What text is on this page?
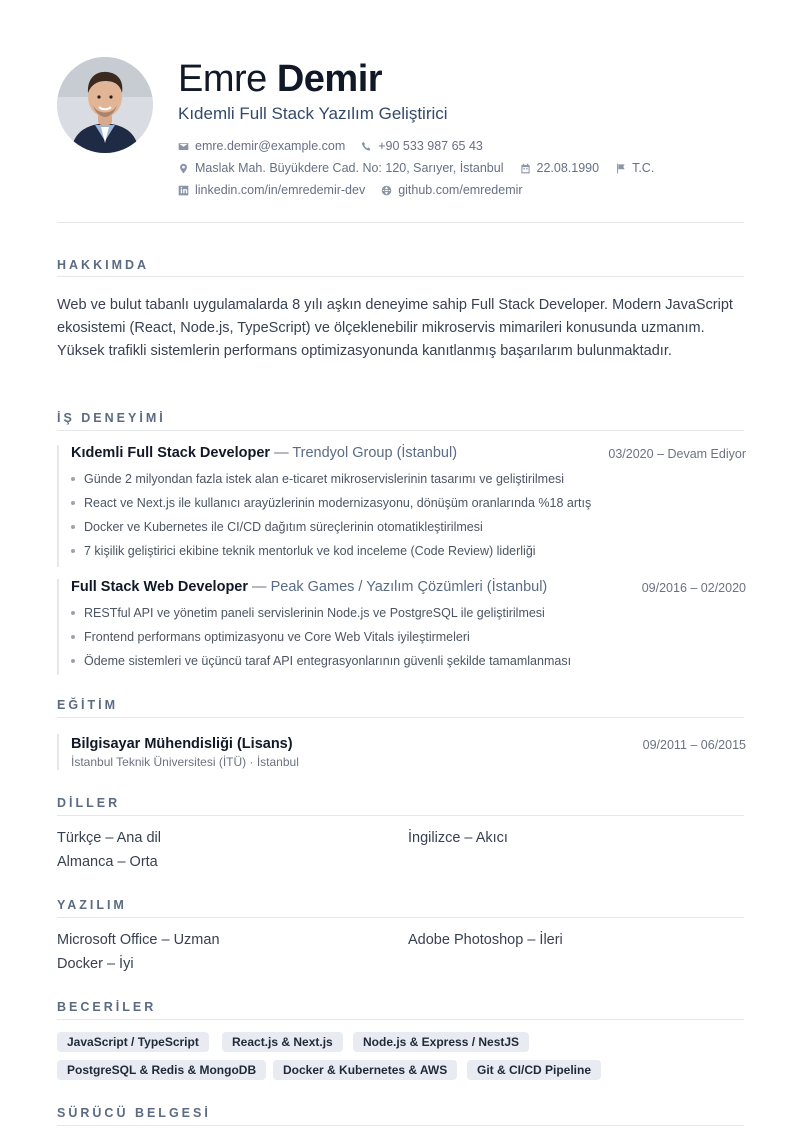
Emre Demir
Kıdemli Full Stack Yazılım Geliştirici
emre.demir@example.com	+90 533 987 65 43
Maslak Mah. Büyükdere Cad. No: 120, Sarıyer, İstanbul	22.08.1990	T.C.
linkedin.com/in/emredemir-dev	github.com/emredemir
HAKKIMDA
Web ve bulut tabanlı uygulamalarda 8 yılı aşkın deneyime sahip Full Stack Developer. Modern JavaScript ekosistemi (React, Node.js, TypeScript) ve ölçeklenebilir mikroservis mimarileri konusunda uzmanım. Yüksek trafikli sistemlerin performans optimizasyonunda kanıtlanmış başarılarım bulunmaktadır.
İŞ DENEYİMİ
Kıdemli Full Stack Developer — Trendyol Group (İstanbul)	03/2020 – Devam Ediyor
Günde 2 milyondan fazla istek alan e-ticaret mikroservislerinin tasarımı ve geliştirilmesi
React ve Next.js ile kullanıcı arayüzlerinin modernizasyonu, dönüşüm oranlarında %18 artış
Docker ve Kubernetes ile CI/CD dağıtım süreçlerinin otomatikleştirilmesi
7 kişilik geliştirici ekibine teknik mentorluk ve kod inceleme (Code Review) liderliği
Full Stack Web Developer — Peak Games / Yazılım Çözümleri (İstanbul)	09/2016 – 02/2020
RESTful API ve yönetim paneli servislerinin Node.js ve PostgreSQL ile geliştirilmesi
Frontend performans optimizasyonu ve Core Web Vitals iyileştirmeleri
Ödeme sistemleri ve üçüncü taraf API entegrasyonlarının güvenli şekilde tamamlanması
EĞİTİM
Bilgisayar Mühendisliği (Lisans)
İstanbul Teknik Üniversitesi (İTÜ) · İstanbul
09/2011 – 06/2015
DİLLER
Türkçe – Ana dil	İngilizce – Akıcı
Almanca – Orta
YAZILIM
Microsoft Office – Uzman	Adobe Photoshop – İleri
Docker – İyi
BECERİLER
JavaScript / TypeScript	React.js & Next.js	Node.js & Express / NestJS
PostgreSQL & Redis & MongoDB	Docker & Kubernetes & AWS	Git & CI/CD Pipeline
SÜRÜCÜ BELGESİ
